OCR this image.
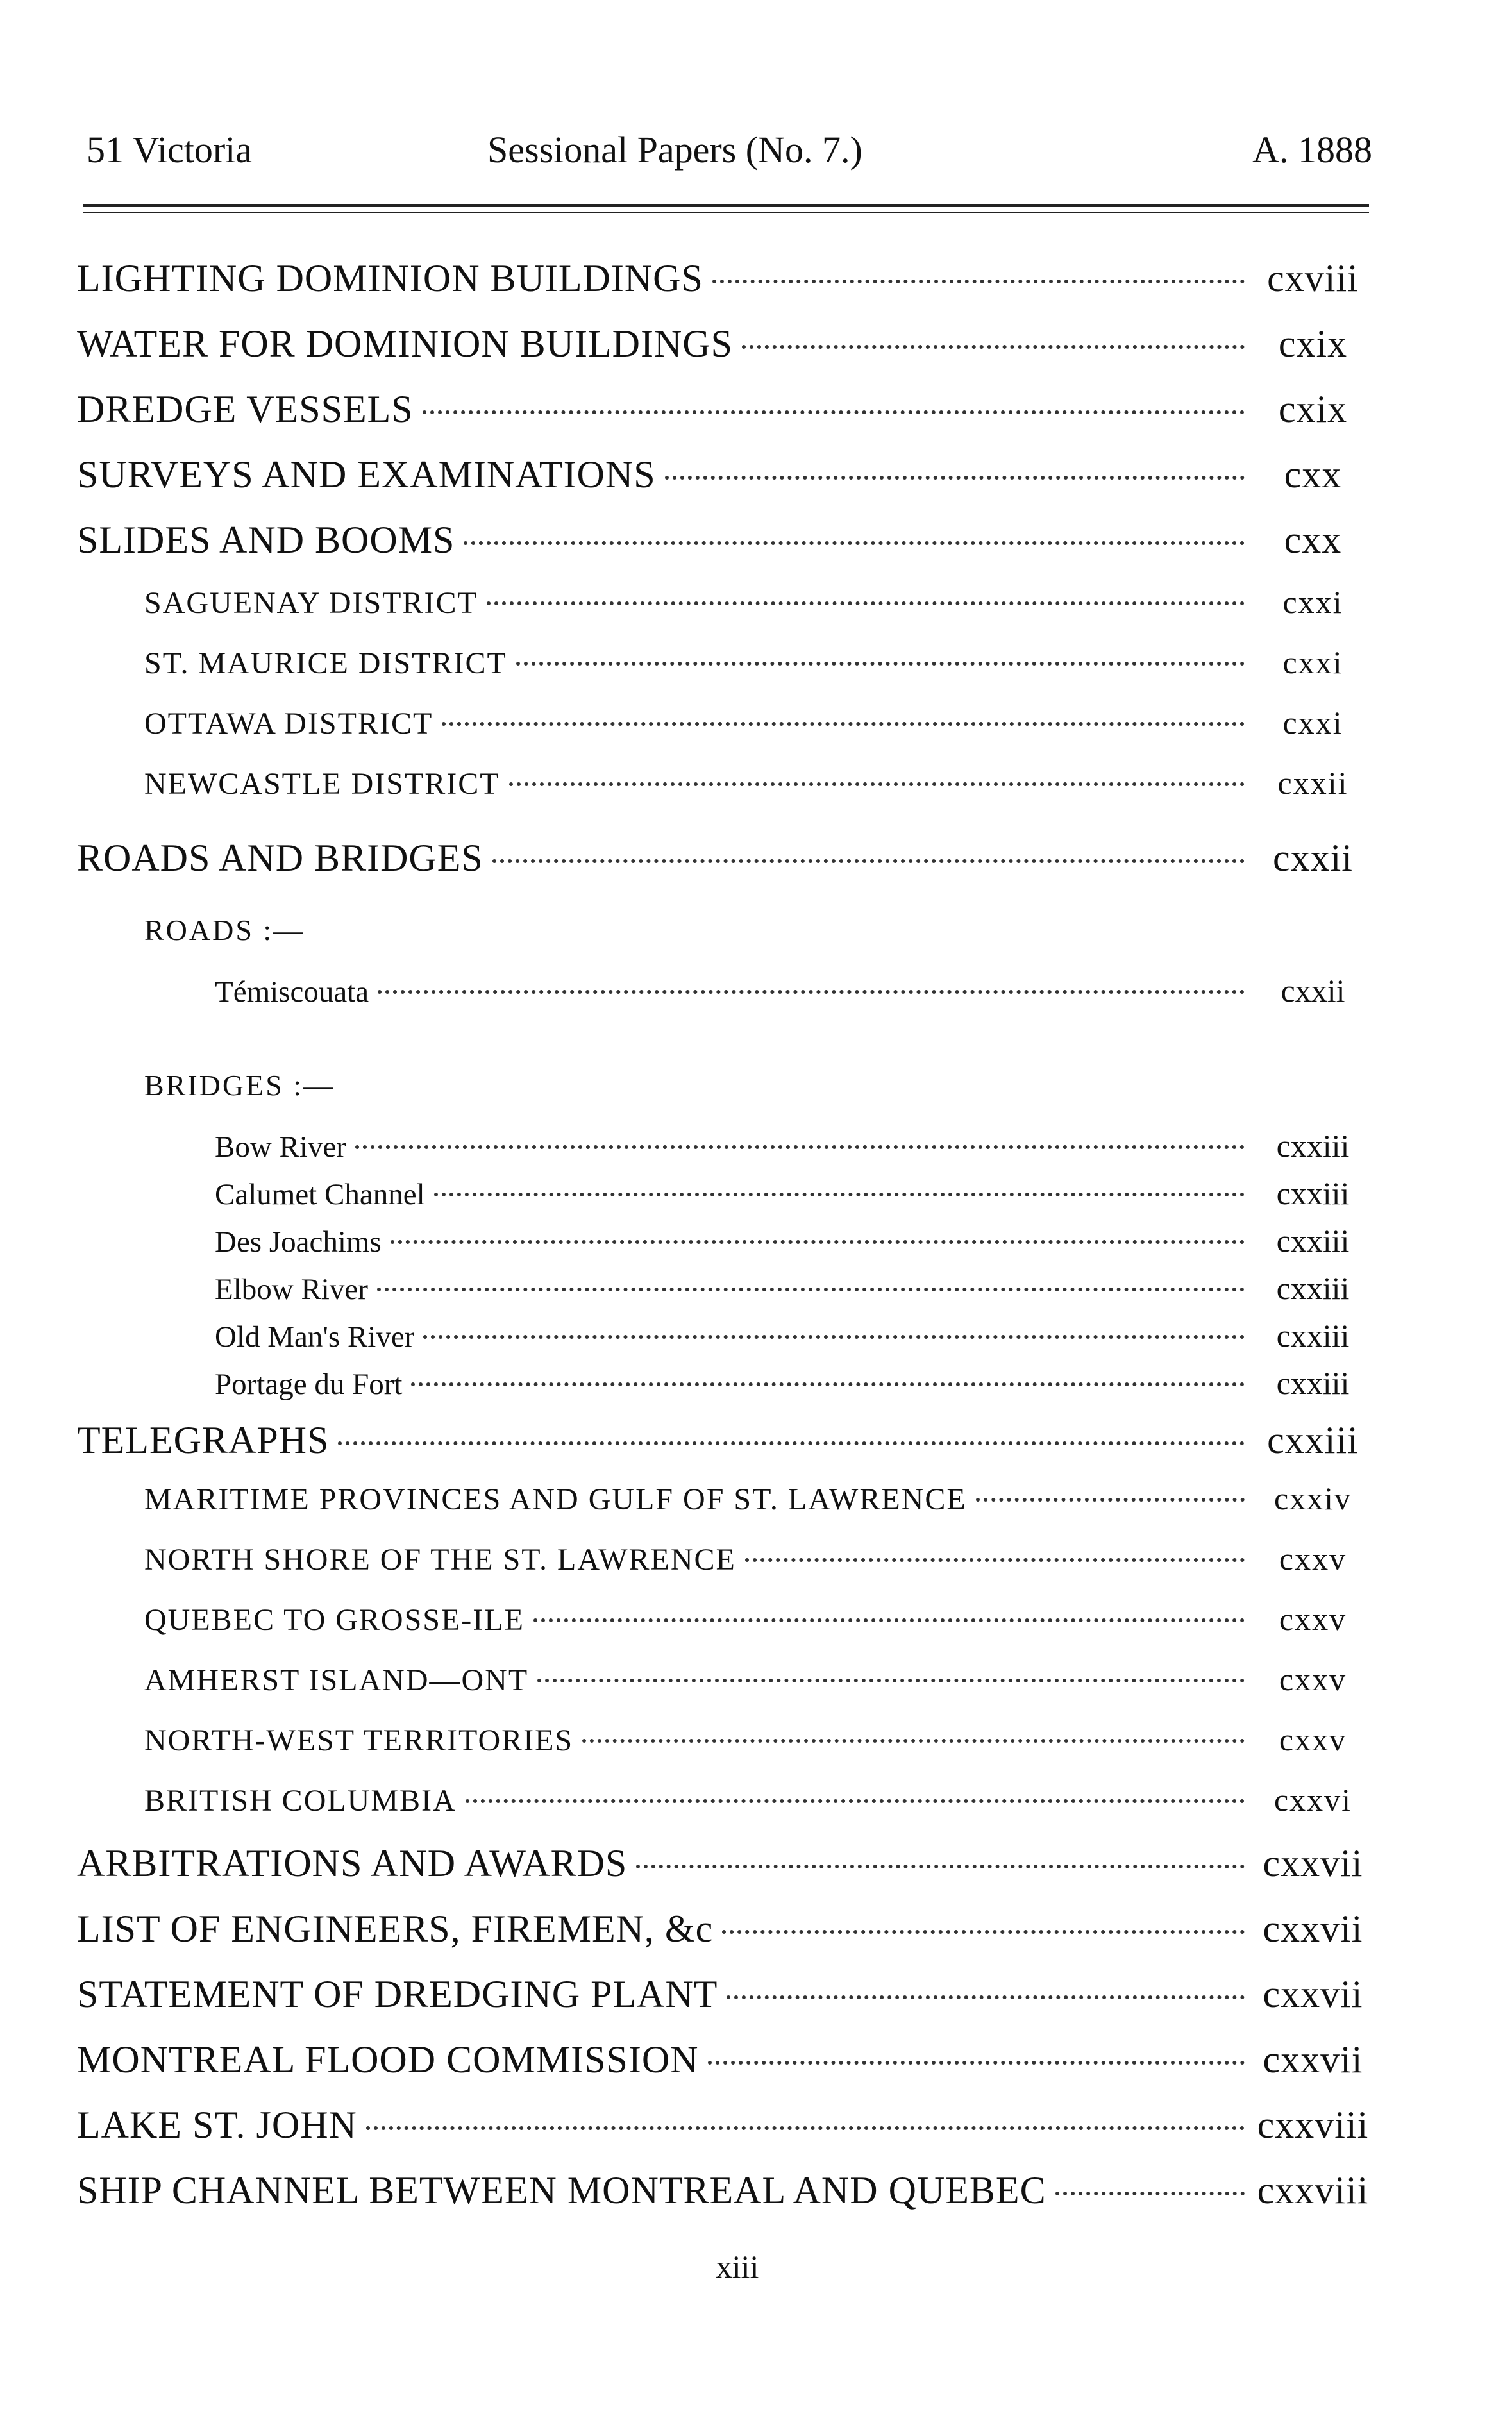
51 Victoria	Sessional Papers (No. 7.)	A. 1888
LIGHTING DOMINION BUILDINGS	cxviii
WATER FOR DOMINION BUILDINGS	cxix
DREDGE VESSELS	cxix
SURVEYS AND EXAMINATIONS	cxx
SLIDES AND BOOMS	cxx
SAGUENAY DISTRICT	cxxi
ST. MAURICE DISTRICT	cxxi
OTTAWA DISTRICT	cxxi
NEWCASTLE DISTRICT	cxxii
ROADS AND BRIDGES	cxxii
ROADS :—
Témiscouata	cxxii
BRIDGES :—
Bow River	cxxiii
Calumet Channel	cxxiii
Des Joachims	cxxiii
Elbow River	cxxiii
Old Man's River	cxxiii
Portage du Fort	cxxiii
TELEGRAPHS	cxxiii
MARITIME PROVINCES AND GULF OF ST. LAWRENCE	cxxiv
NORTH SHORE OF THE ST. LAWRENCE	cxxv
QUEBEC TO GROSSE-ILE	cxxv
AMHERST ISLAND—ONT	cxxv
NORTH-WEST TERRITORIES	cxxv
BRITISH COLUMBIA	cxxvi
ARBITRATIONS AND AWARDS	cxxvii
LIST OF ENGINEERS, FIREMEN, &c	cxxvii
STATEMENT OF DREDGING PLANT	cxxvii
MONTREAL FLOOD COMMISSION	cxxvii
LAKE ST. JOHN	cxxviii
SHIP CHANNEL BETWEEN MONTREAL AND QUEBEC	cxxviii
xiii
